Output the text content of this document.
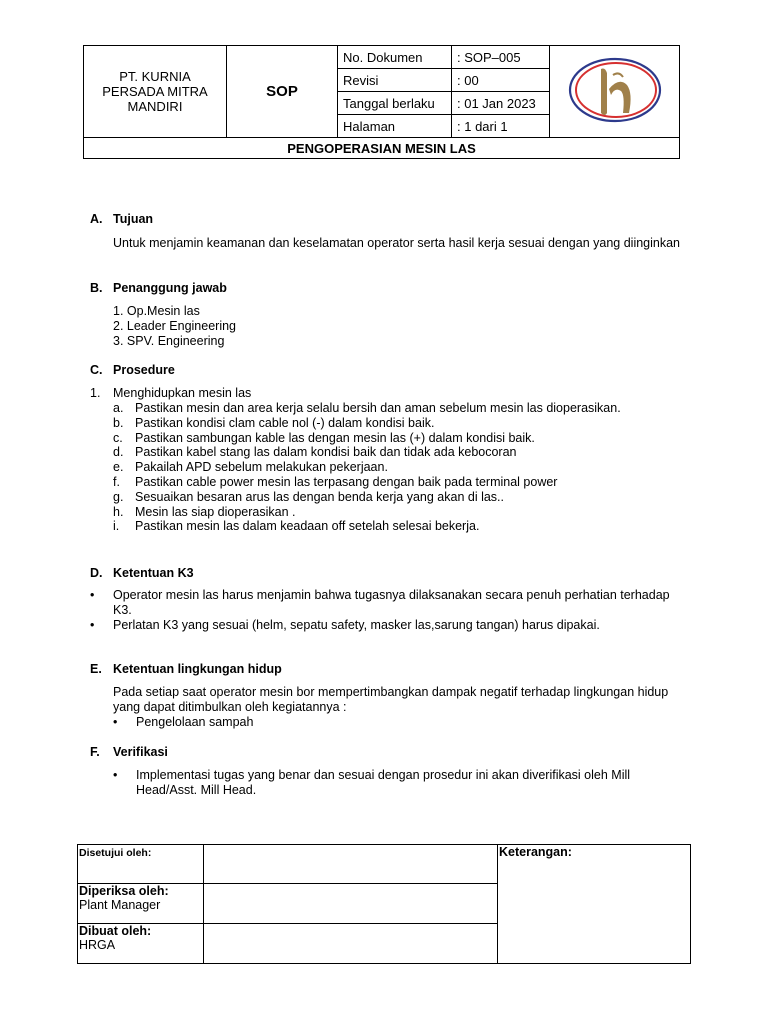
PT. KURNIA
PERSADA MITRA
MANDIRI	SOP	No. Dokumen	: SOP–005	
		Revisi	: 00	
		Tanggal berlaku	: 01 Jan 2023	
		Halaman	: 1 dari 1	
PENGOPERASIAN MESIN LAS				
A. Tujuan
Untuk menjamin keamanan dan keselamatan operator serta hasil kerja sesuai dengan yang diinginkan
B. Penanggung jawab
1. Op.Mesin las
2. Leader Engineering
3. SPV. Engineering
C. Prosedure
1. Menghidupkan mesin las
a. Pastikan mesin dan area kerja selalu bersih dan aman sebelum mesin las dioperasikan.
b. Pastikan kondisi clam cable nol (-) dalam kondisi baik.
c. Pastikan sambungan kable las dengan mesin las (+) dalam kondisi baik.
d. Pastikan kabel stang las dalam kondisi baik dan tidak ada kebocoran
e. Pakailah APD sebelum melakukan pekerjaan.
f.	Pastikan cable power mesin las terpasang dengan baik pada terminal power
g. Sesuaikan besaran arus las dengan benda kerja yang akan di las..
h. Mesin las siap dioperasikan .
i.	Pastikan mesin las dalam keadaan off setelah selesai bekerja.
D. Ketentuan K3
•	Operator mesin las harus menjamin bahwa tugasnya dilaksanakan secara penuh perhatian terhadap K3.
•	Perlatan K3 yang sesuai (helm, sepatu safety, masker las,sarung tangan) harus dipakai.
E. Ketentuan lingkungan hidup
Pada setiap saat operator mesin bor mempertimbangkan dampak negatif terhadap lingkungan hidup yang dapat ditimbulkan oleh kegiatannya :
•	Pengelolaan sampah
F. Verifikasi
•	Implementasi tugas yang benar dan sesuai dengan prosedur ini akan diverifikasi oleh Mill Head/Asst. Mill Head.
Disetujui oleh:		Keterangan:

Diperiksa oleh:
Plant Manager		

Dibuat oleh:
HRGA		
